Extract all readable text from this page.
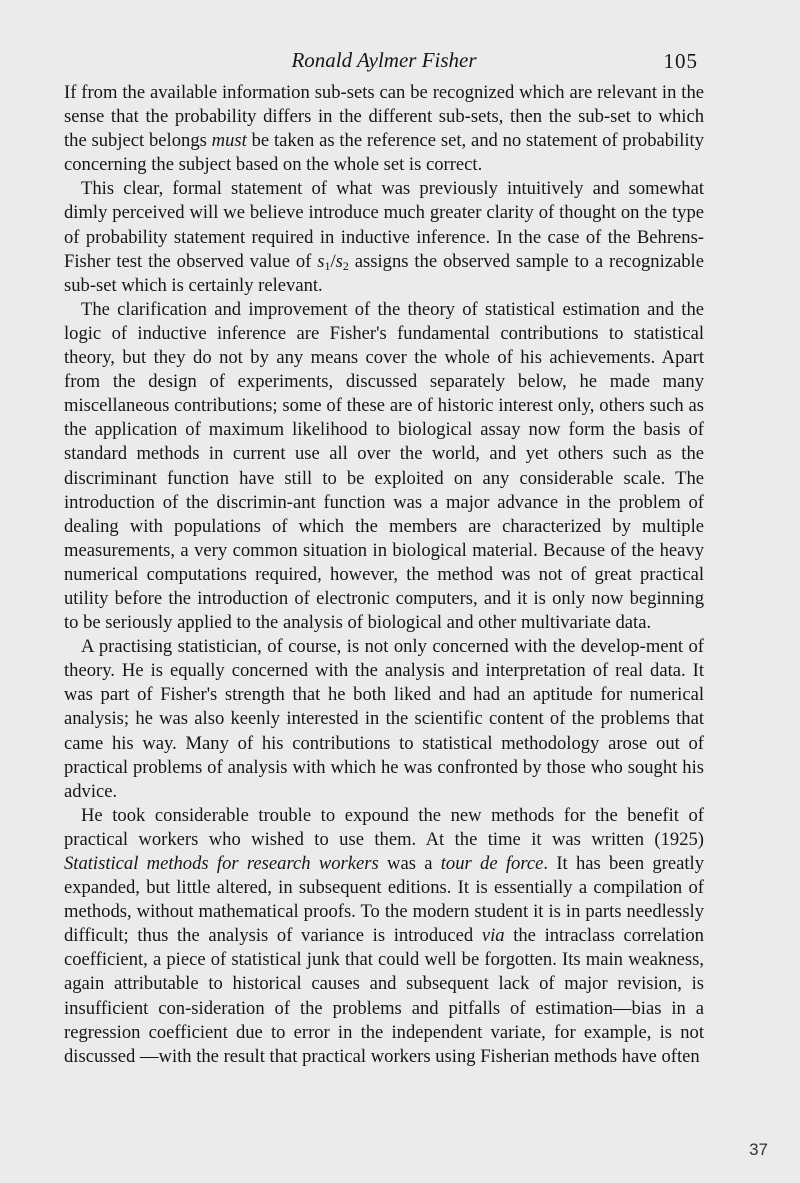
Ronald Aylmer Fisher	105

If from the available information sub-sets can be recognized which are relevant in the sense that the probability differs in the different sub-sets, then the sub-set to which the subject belongs must be taken as the reference set, and no statement of probability concerning the subject based on the whole set is correct.

This clear, formal statement of what was previously intuitively and somewhat dimly perceived will we believe introduce much greater clarity of thought on the type of probability statement required in inductive inference. In the case of the Behrens-Fisher test the observed value of $s_1/s_2$ assigns the observed sample to a recognizable sub-set which is certainly relevant.

The clarification and improvement of the theory of statistical estimation and the logic of inductive inference are Fisher's fundamental contributions to statistical theory, but they do not by any means cover the whole of his achievements. Apart from the design of experiments, discussed separately below, he made many miscellaneous contributions; some of these are of historic interest only, others such as the application of maximum likelihood to biological assay now form the basis of standard methods in current use all over the world, and yet others such as the discriminant function have still to be exploited on any considerable scale. The introduction of the discrimin-ant function was a major advance in the problem of dealing with populations of which the members are characterized by multiple measurements, a very common situation in biological material. Because of the heavy numerical computations required, however, the method was not of great practical utility before the introduction of electronic computers, and it is only now beginning to be seriously applied to the analysis of biological and other multivariate data.

A practising statistician, of course, is not only concerned with the develop-ment of theory. He is equally concerned with the analysis and interpretation of real data. It was part of Fisher's strength that he both liked and had an aptitude for numerical analysis; he was also keenly interested in the scientific content of the problems that came his way. Many of his contributions to statistical methodology arose out of practical problems of analysis with which he was confronted by those who sought his advice.

He took considerable trouble to expound the new methods for the benefit of practical workers who wished to use them. At the time it was written (1925) Statistical methods for research workers was a tour de force. It has been greatly expanded, but little altered, in subsequent editions. It is essentially a compilation of methods, without mathematical proofs. To the modern student it is in parts needlessly difficult; thus the analysis of variance is introduced via the intraclass correlation coefficient, a piece of statistical junk that could well be forgotten. Its main weakness, again attributable to historical causes and subsequent lack of major revision, is insufficient con-sideration of the problems and pitfalls of estimation—bias in a regression coefficient due to error in the independent variate, for example, is not discussed —with the result that practical workers using Fisherian methods have often

37
